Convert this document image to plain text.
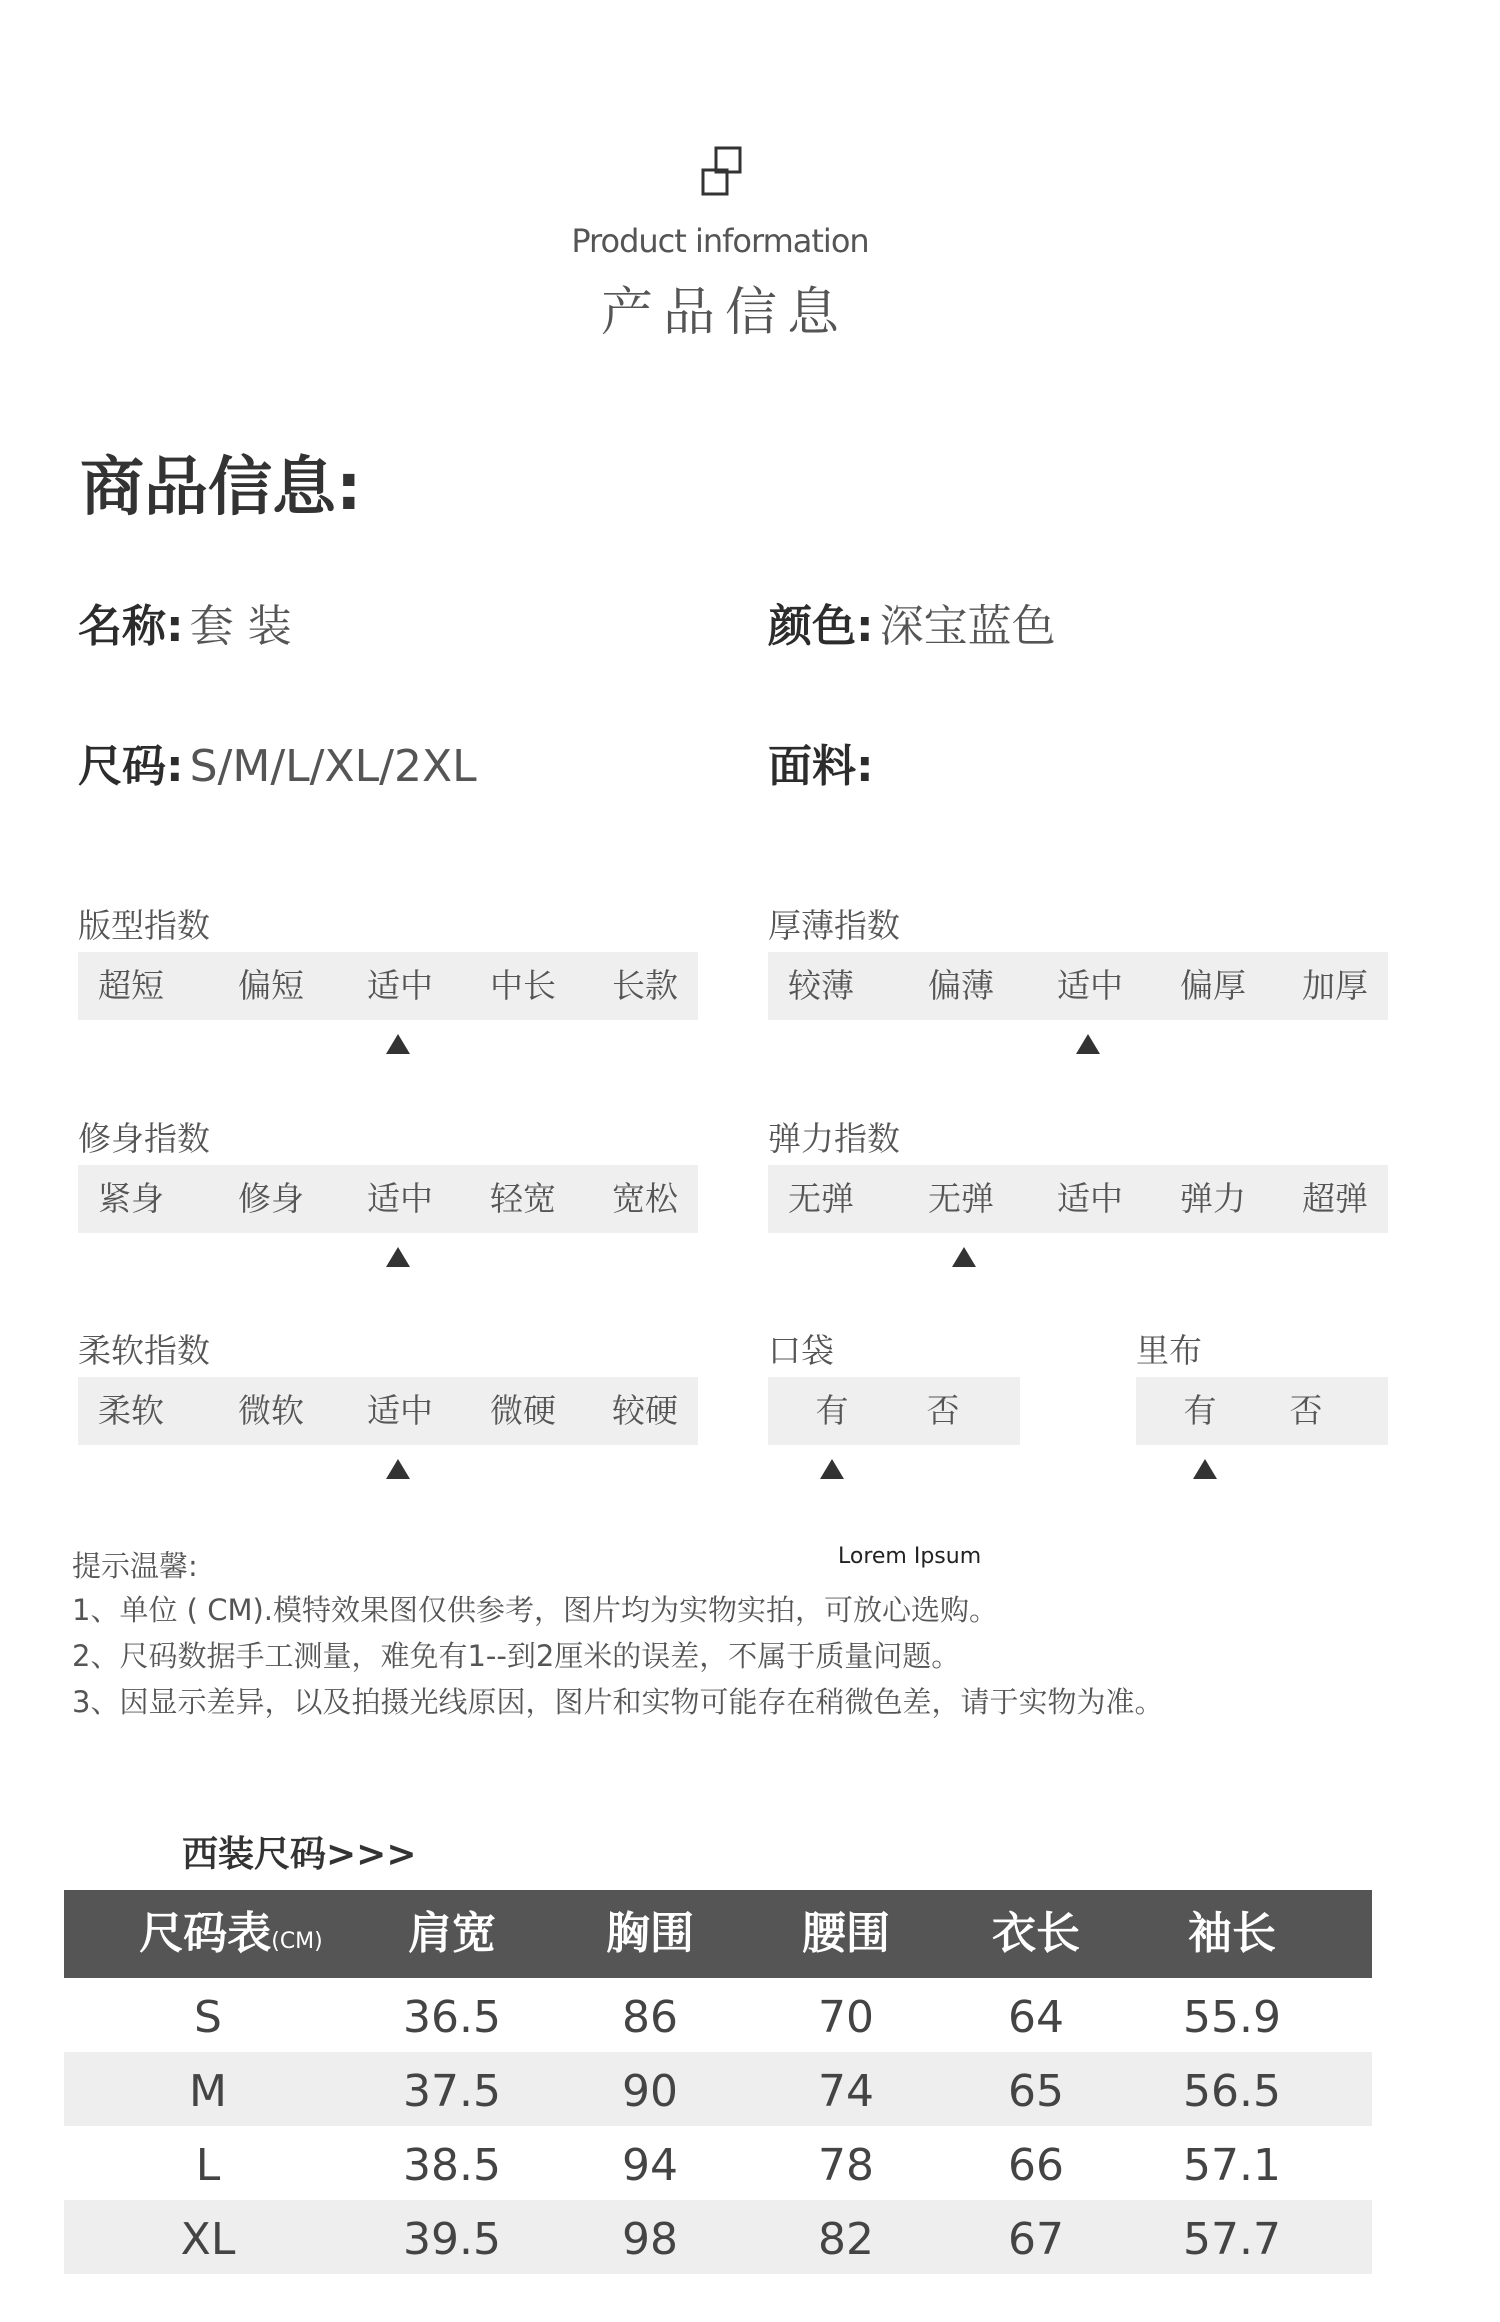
Product information
产品信息
商品信息:
名称: 套 装	颜色: 深宝蓝色
尺码: S/M/L/XL/2XL	面料:
版型指数
超短 偏短 适中 中长 长款
厚薄指数
较薄 偏薄 适中 偏厚 加厚
修身指数
紧身 修身 适中 轻宽 宽松
弹力指数
无弹 无弹 适中 弹力 超弹
柔软指数
柔软 微软 适中 微硬 较硬
口袋
有 否
里布
有 否
提示温馨:	Lorem Ipsum
1、单位 ( CM).模特效果图仅供参考，图片均为实物实拍，可放心选购。
2、尺码数据手工测量，难免有1--到2厘米的误差，不属于质量问题。
3、因显示差异，以及拍摄光线原因，图片和实物可能存在稍微色差，请于实物为准。
西装尺码>>>
尺码表(CM) 肩宽	胸围 腰围 衣长 袖长
S	36.5	86	70	64	55.9
M	37.5	90	74	65	56.5
L	38.5	94	78	66	57.1
XL	39.5	98	82	67	57.7
